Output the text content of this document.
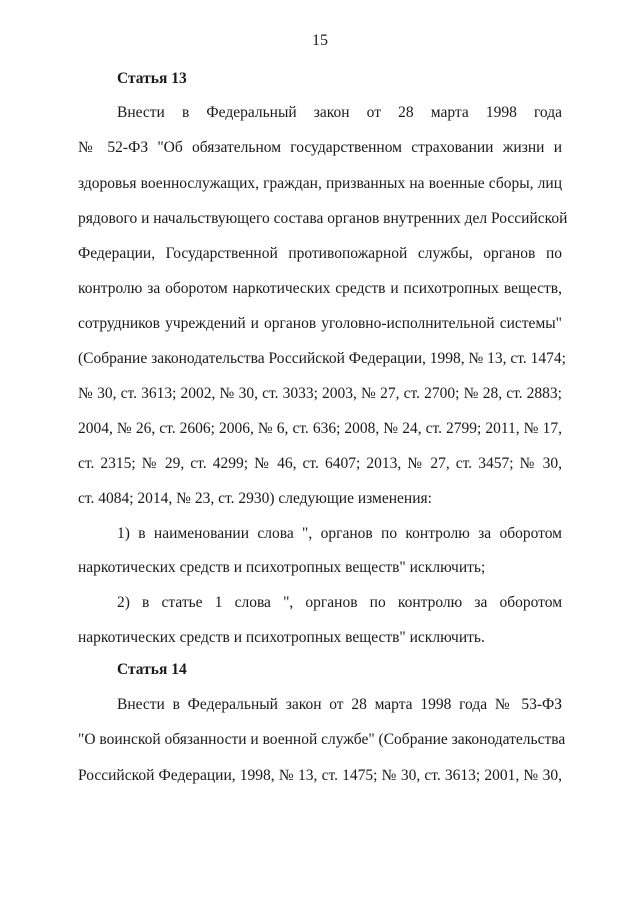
15
Статья 13
Внести в Федеральный закон от 28 марта 1998 года
№ 52-ФЗ "Об обязательном государственном страховании жизни и
здоровья военнослужащих, граждан, призванных на военные сборы, лиц
рядового и начальствующего состава органов внутренних дел Российской
Федерации, Государственной противопожарной службы, органов по
контролю за оборотом наркотических средств и психотропных веществ,
сотрудников учреждений и органов уголовно-исполнительной системы"
(Собрание законодательства Российской Федерации, 1998, № 13, ст. 1474;
№ 30, ст. 3613; 2002, № 30, ст. 3033; 2003, № 27, ст. 2700; № 28, ст. 2883;
2004, № 26, ст. 2606; 2006, № 6, ст. 636; 2008, № 24, ст. 2799; 2011, № 17,
ст. 2315; № 29, ст. 4299; № 46, ст. 6407; 2013, № 27, ст. 3457; № 30,
ст. 4084; 2014, № 23, ст. 2930) следующие изменения:
1) в наименовании слова ", органов по контролю за оборотом
наркотических средств и психотропных веществ" исключить;
2) в статье 1 слова ", органов по контролю за оборотом
наркотических средств и психотропных веществ" исключить.
Статья 14
Внести в Федеральный закон от 28 марта 1998 года № 53-ФЗ
"О воинской обязанности и военной службе" (Собрание законодательства
Российской Федерации, 1998, № 13, ст. 1475; № 30, ст. 3613; 2001, № 30,
